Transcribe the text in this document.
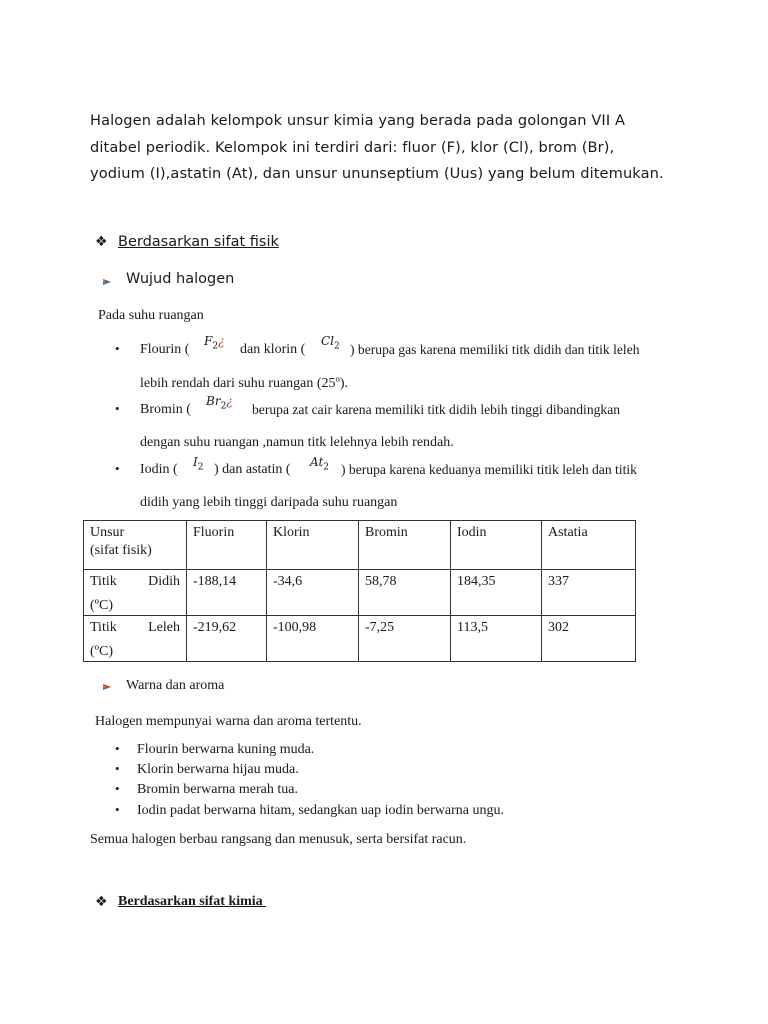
Halogen adalah kelompok unsur kimia yang berada pada golongan VII A
ditabel periodik. Kelompok ini terdiri dari: fluor (F), klor (Cl), brom (Br),
yodium (I),astatin (At), dan unsur ununseptium (Uus) yang belum ditemukan.
❖ Berdasarkan sifat fisik
Wujud halogen
Pada suhu ruangan
• Flourin (
$F_2¿$
dan klorin (
$Cl_2$ ) berupa gas karena memiliki titk didih dan titik leleh
lebih rendah dari suhu ruangan (25º).
• Bromin (
$Br_2¿$
berupa zat cair karena memiliki titk didih lebih tinggi dibandingkan
dengan suhu ruangan ,namun titk lelehnya lebih rendah.
• Iodin ( $I_2$ ) dan astatin ( $At_2$ ) berupa karena keduanya memiliki titik leleh dan titik
didih yang lebih tinggi daripada suhu ruangan
Unsur
(sifat fisik)	Fluorin	Klorin	Bromin	Iodin	Astatia

Titik Didih
(ºC)	-188,14	-34,6	58,78	184,35	337

Titik Leleh
(ºC)	-219,62	-100,98	-7,25	113,5	302
Warna dan aroma
Halogen mempunyai warna dan aroma tertentu.
• Flourin berwarna kuning muda.
• Klorin berwarna hijau muda.
• Bromin berwarna merah tua.
• Iodin padat berwarna hitam, sedangkan uap iodin berwarna ungu.
Semua halogen berbau rangsang dan menusuk, serta bersifat racun.
❖ Berdasarkan sifat kimia
